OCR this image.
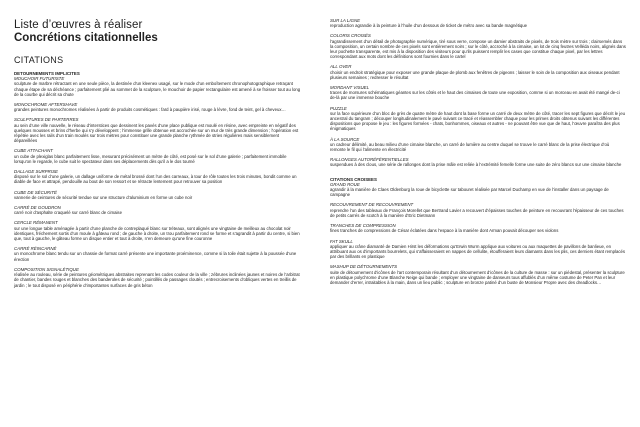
Liste d’œuvres à réaliser
Concrétions citationnelles
CITATIONS
DETOURNEMENTS IMPLICITES
MOUCHOIR FUTURISTE

sculpture de marbre rétractant en une seule pièce, la destinée d’un kleenex usagé, sur le mode d’un emboîtement chronophotographique retraçant chaque étape de sa déchéance ; parfaitement plié au sommet de la sculpture, le mouchoir de papier rectangulaire est amené à se froisser tout au long de la courbe qui décrit sa chute

MONOCHROME AFTERSHAVE

grandes peintures monochromes réalisées à partir de produits cosmétiques : fard à paupière irisé, rouge à lèvre, fond de teint, gel à cheveux…

SCULPTURES DE PARTERRES

au sein d’une ville nouvelle, le réseau d’interstices que dessinent les pavés d’une place publique est moulé en résine, avec empreinte en négatif des quelques mousses et brins d’herbe qui s’y développent ; l’immense grille obtenue est accrochée sur un mur de très grande dimension ; l’opération est répétée avec les rails d’un train moulés sur trois mètres pour constituer une grande planche rythmée de stries régulières mais sensiblement dépareillées

CUBE ATTACHANT

un cube de plexiglas blanc parfaitement lisse, mesurant précisément un mètre de côté, est posé sur le sol d’une galerie ; parfaitement immobile lorsqu’on le regarde, le cube suit le spectateur dans ses déplacements dès qu’il a le dos tourné

DALLAGE SURPRISE

disposé sur le sol d’une galerie, un dallage uniforme de métal brossé dont l’un des carreaux, à tour de rôle toutes les trois minutes, bondit comme un diable de face et attrapé, pendouille au bout de son ressort et se rétracte lentement pour retrouver sa position

CUBE DE SÉCURITÉ

vannerie de ceintures de sécurité tendue sur une structure d’aluminium en forme un cube noir

CARRÉ DE GOUDRON

carré noir d’asphalte craquelé sur carré blanc de cimaise

CERCLE RÉMANENT

sur une longue table aménagée à partir d’une planche de contreplaqué blanc sur tréteaux, sont alignés une vingtaine de meilleux au chocolat noir identiques, fréchement sortis d’un moule à gâteau rond ; de gauche à droite, un trou parfaitement rond se forme et s’agrandit à partir du centre, si bien que, tout à gauche, le gâteau forme un disque entier et tout à droite, n’en demeure qu’une fine couronne

CARRÉ RÉINCARNÉ

un monochrome blanc tendu sur un chassie de format carré présente une importante proéminence, comme si la toile était sujette à la poussée d’une érection

COMPOSITION SIGNALÉTIQUE

réalisée au rouleau, série de peintures géométriques abstraites reprenant les codes couleur de la ville ; zébrures inclinées jaunes et noires de l’arbitrat de chantier, bandes rouges et blanches des banderoles de sécurité ; pointillés de passages cloutés ; entrecroisements d’obliques vertes en treillis de jardin ; le tout disposé en périphérie d’importantes surfaces de gris béton

SUR LA LIGNE

reproduction agrandie à la peinture à l’huile d’un dessous de ticket de métro avec sa bande magnétique

COLORIS CROISÉS

l’agrandissement d’un détail de photographie numérique, tiré sous verre, compose un damier abstraits de pixels, de trois mètre sur trois ; clairsemés dans la composition, un certain nombre de ces pixels sont entièrement noirs ; sur le côté, accroché à la cimaise, un lot de cinq feutres Velléda noirs, alignés dans leur pochette transparente, est mis à la disposition des visiteurs pour qu’ils puissent remplir les cases que constitue chaque pixel, par les lettres correspondant aux mots dont les définitions sont fournies dans le cartel

ALL OVER

choisir un endroit stratégique pour exposer une grande plaque de plomb aux fenêtres de pigeons ; laisser le soin de la composition aux oiseaux pendant plusieurs semaines ; redresser le résultat

MORDANT VISUEL

traces de morsures schématiques géantes sur les côtés et le haut des cimaises de toute une exposition, comme si un morceau en avait été mangé de-ci de-là par une immense bouche

PUZZLE

sur la face supérieure d’un bloc de grès de quatre mètre de haut dont la base forme un carré de deux mètre de côté, tracer les sept figures que décrit le jeu ancestral du tangram ; découper longitudinalement le pavé suivant ce tracé et réassembler chaque pour les primes droits obtenus suivant les différentes dispositions que propose le jeu : les figures formées - chats, bonhommes, oiseaux et autres - ne pouvant être vue que de haut, l’œuvre paraîtra des plus énigmatiques

À LA SOURCE

un cadreur délimité, au beau milieu d’une cimaise blanche, un carré de lumière au centre duquel se trouve le carré blanc de la prise électrique d’où remonte le fil qui l’alimente en électricité

RALLONGES AUTORÉFÉRENTIELLES

suspendues à des clous, une série de rallonges dont la prise mâle est reliée à l’extrémité femelle forme une suite de zéro blancs sur une cimaise blanche

CITATIONS CROISEES
GRAND ROUE

agrandir à la manière de Claes Oldenburg la roue de bicyclette sur tabouret réalisée par Marcel Duchamp en vue de l’installer dans un paysage de campagne

RECOUVREMENT DE RECOUVREMENT

reprendre l’un des tableaux de François Morellet que Bertrand Lavier a recouvert d’épaisses touches de peinture en recouvrant l’épaisseur de ces touches de petits carrés de scotch à la manière d’Eric Dietmann

TRANCHES DE COMPRESSION

fines tranches de compressions de César éclatées dans l’espace à la manière dont Arman pouvait découper ses violons

FAT SKULL

appliquer au crâne diamanté de Damien Hirst les déformations qu’Erwin Wurm applique aux voitures ou aux maquettes de pavillons de banlieue, en attribuant aux os d’importants bourrelets, qui s’affaisseraient en nappes de cellulite, étoufferaient leurs diamants dans les plis, ces derniers étant remplacés par des brillants en plastique

MASHUP DE DÉTOURNEMENTS

suite de détournement d’icônes de l’art contemporain résultant d’un détournement d’icônes de la culture de masse : sur un piédestal, présenter la sculpture en plastique polychrome d’une Blanche Neige qui bande ; employer une vingtaine de danseurs tous affublés d’un même costume de Peter Pan et leur demander d’errer, intraitables à la main, dans un lieu public ; sculpture en bronze patiné d’un buste de Monsieur Propre avec des dreadlocks…
